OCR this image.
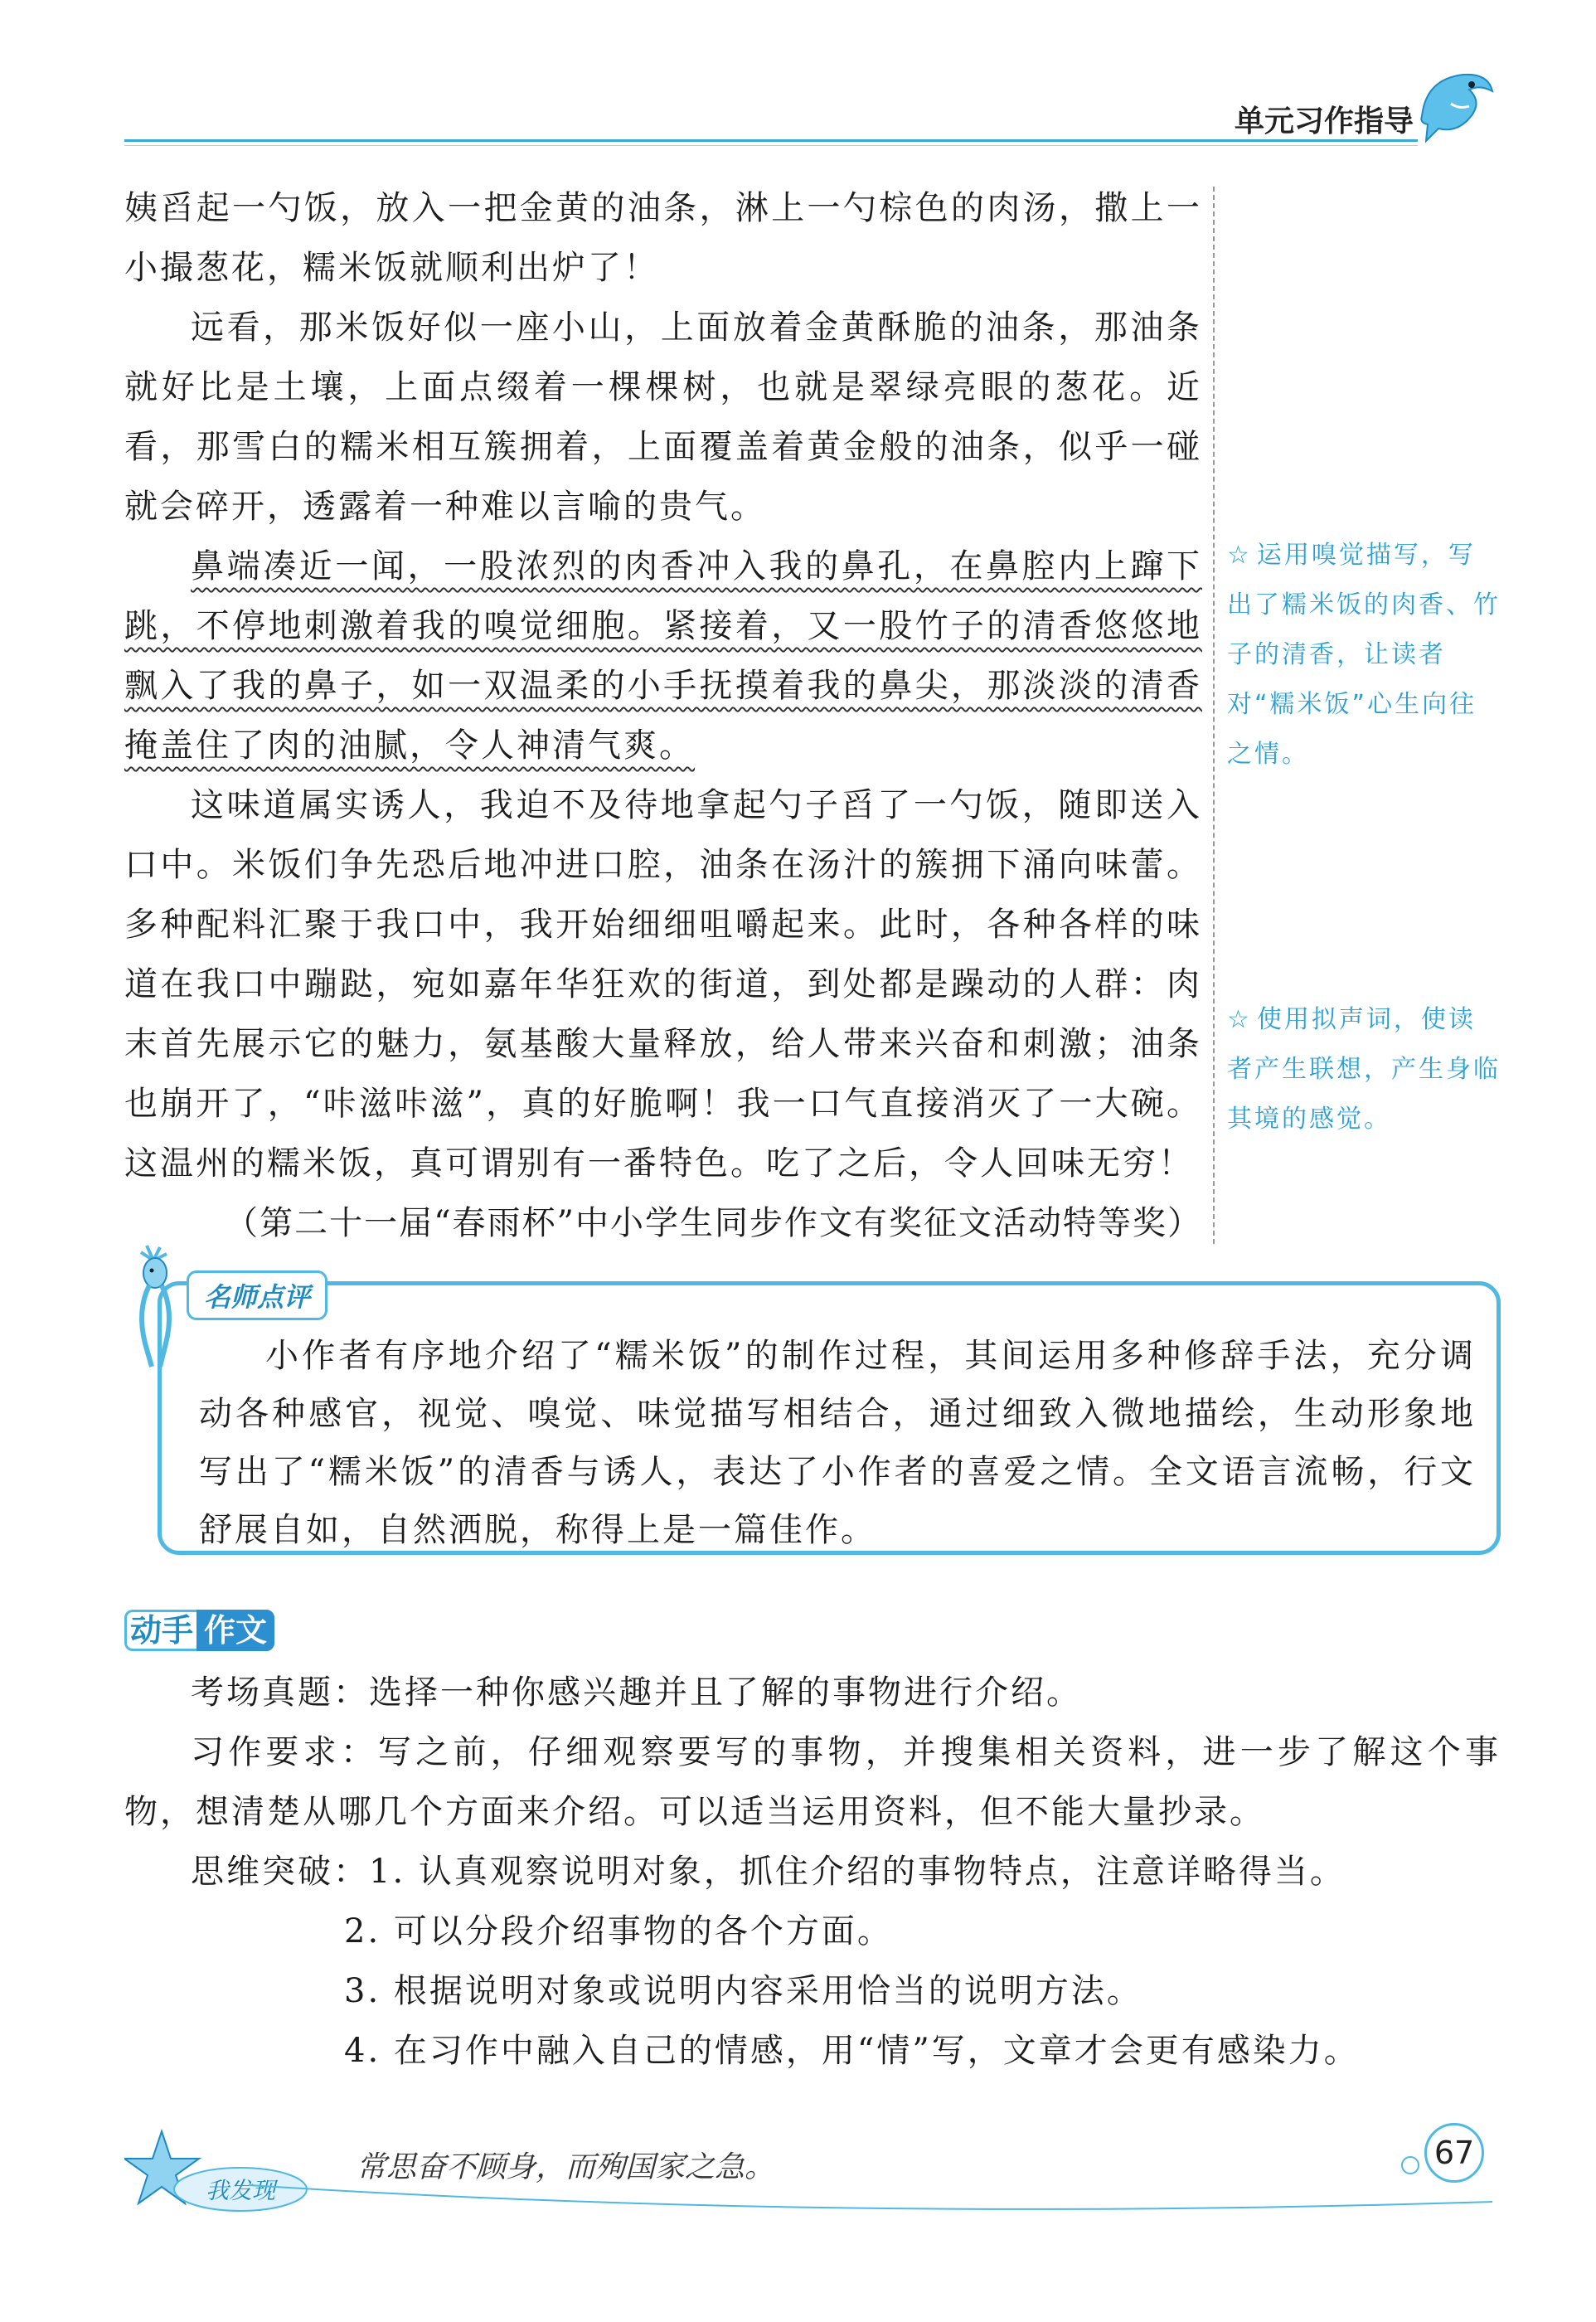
单元习作指导

姨舀起一勺饭，放入一把金黄的油条，淋上一勺棕色的肉汤，撒上一小撮葱花，糯米饭就顺利出炉了！

远看，那米饭好似一座小山，上面放着金黄酥脆的油条，那油条就好比是土壤，上面点缀着一棵棵树，也就是翠绿亮眼的葱花。近看，那雪白的糯米相互簇拥着，上面覆盖着黄金般的油条，似乎一碰就会碎开，透露着一种难以言喻的贵气。

鼻端凑近一闻，一股浓烈的肉香冲入我的鼻孔，在鼻腔内上蹿下跳，不停地刺激着我的嗅觉细胞。紧接着，又一股竹子的清香悠悠地飘入了我的鼻子，如一双温柔的小手抚摸着我的鼻尖，那淡淡的清香掩盖住了肉的油腻，令人神清气爽。

这味道属实诱人，我迫不及待地拿起勺子舀了一勺饭，随即送入口中。米饭们争先恐后地冲进口腔，油条在汤汁的簇拥下涌向味蕾。多种配料汇聚于我口中，我开始细细咀嚼起来。此时，各种各样的味道在我口中蹦跶，宛如嘉年华狂欢的街道，到处都是躁动的人群：肉末首先展示它的魅力，氨基酸大量释放，给人带来兴奋和刺激；油条也崩开了，“咔滋咔滋”，真的好脆啊！我一口气直接消灭了一大碗。这温州的糯米饭，真可谓别有一番特色。吃了之后，令人回味无穷！

（第二十一届“春雨杯”中小学生同步作文有奖征文活动特等奖）

☆ 运用嗅觉描写，写出了糯米饭的肉香、竹子的清香，让读者对“糯米饭”心生向往之情。
☆ 使用拟声词，使读者产生联想，产生身临其境的感觉。
名师点评

小作者有序地介绍了“糯米饭”的制作过程，其间运用多种修辞手法，充分调动各种感官，视觉、嗅觉、味觉描写相结合，通过细致入微地描绘，生动形象地写出了“糯米饭”的清香与诱人，表达了小作者的喜爱之情。全文语言流畅，行文舒展自如，自然洒脱，称得上是一篇佳作。

动手 作文

考场真题：选择一种你感兴趣并且了解的事物进行介绍。

习作要求：写之前，仔细观察要写的事物，并搜集相关资料，进一步了解这个事物，想清楚从哪几个方面来介绍。可以适当运用资料，但不能大量抄录。

思维突破：1. 认真观察说明对象，抓住介绍的事物特点，注意详略得当。

2. 可以分段介绍事物的各个方面。

3. 根据说明对象或说明内容采用恰当的说明方法。

4. 在习作中融入自己的情感，用“情”写，文章才会更有感染力。

我发现
常思奋不顾身，而殉国家之急。	67
